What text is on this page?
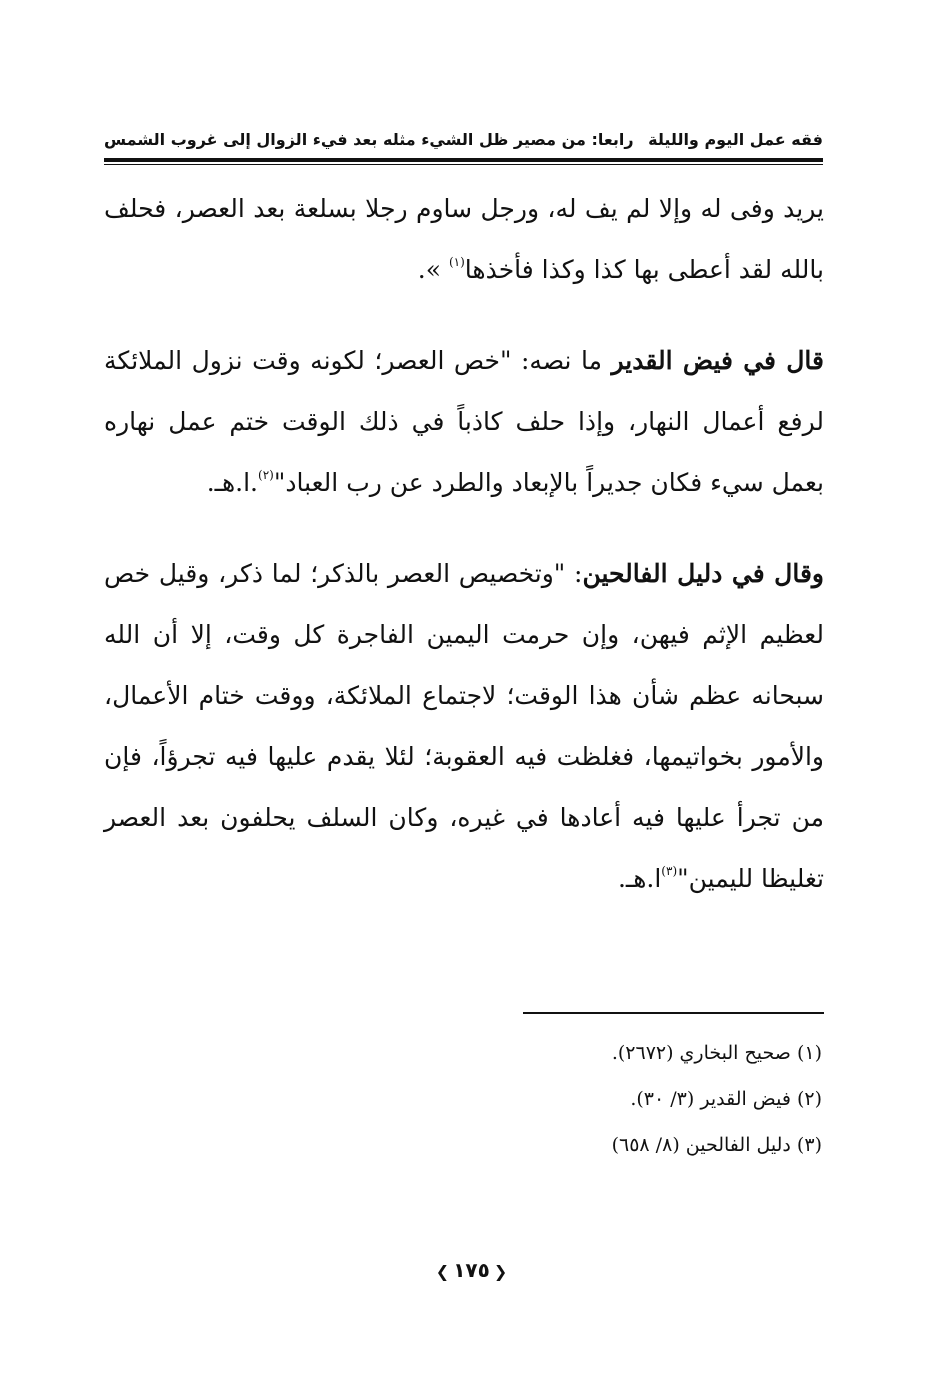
فقه عمل اليوم والليلة
رابعا: من مصير ظل الشيء مثله بعد فيء الزوال إلى غروب الشمس

يريد وفى له وإلا لم يف له، ورجل ساوم رجلا بسلعة بعد العصر، فحلف بالله لقد أعطى بها كذا وكذا فأخذها$^{(١)}$ ».

قال في فيض القدير ما نصه: "خص العصر؛ لكونه وقت نزول الملائكة لرفع أعمال النهار، وإذا حلف كاذباً في ذلك الوقت ختم عمل نهاره بعمل سيء فكان جديراً بالإبعاد والطرد عن رب العباد"$^{(٢)}$.ا.هـ.

وقال في دليل الفالحين: "وتخصيص العصر بالذكر؛ لما ذكر، وقيل خص لعظيم الإثم فيهن، وإن حرمت اليمين الفاجرة كل وقت، إلا أن الله سبحانه عظم شأن هذا الوقت؛ لاجتماع الملائكة، ووقت ختام الأعمال، والأمور بخواتيمها، فغلظت فيه العقوبة؛ لئلا يقدم عليها فيه تجرؤاً، فإن من تجرأ عليها فيه أعادها في غيره، وكان السلف يحلفون بعد العصر تغليظا لليمين"$^{(٣)}$ا.هـ.

(١) صحيح البخاري (٢٦٧٢).
(٢) فيض القدير (٣/ ٣٠).
(٣) دليل الفالحين (٨/ ٦٥٨)
❮١٧٥❯
